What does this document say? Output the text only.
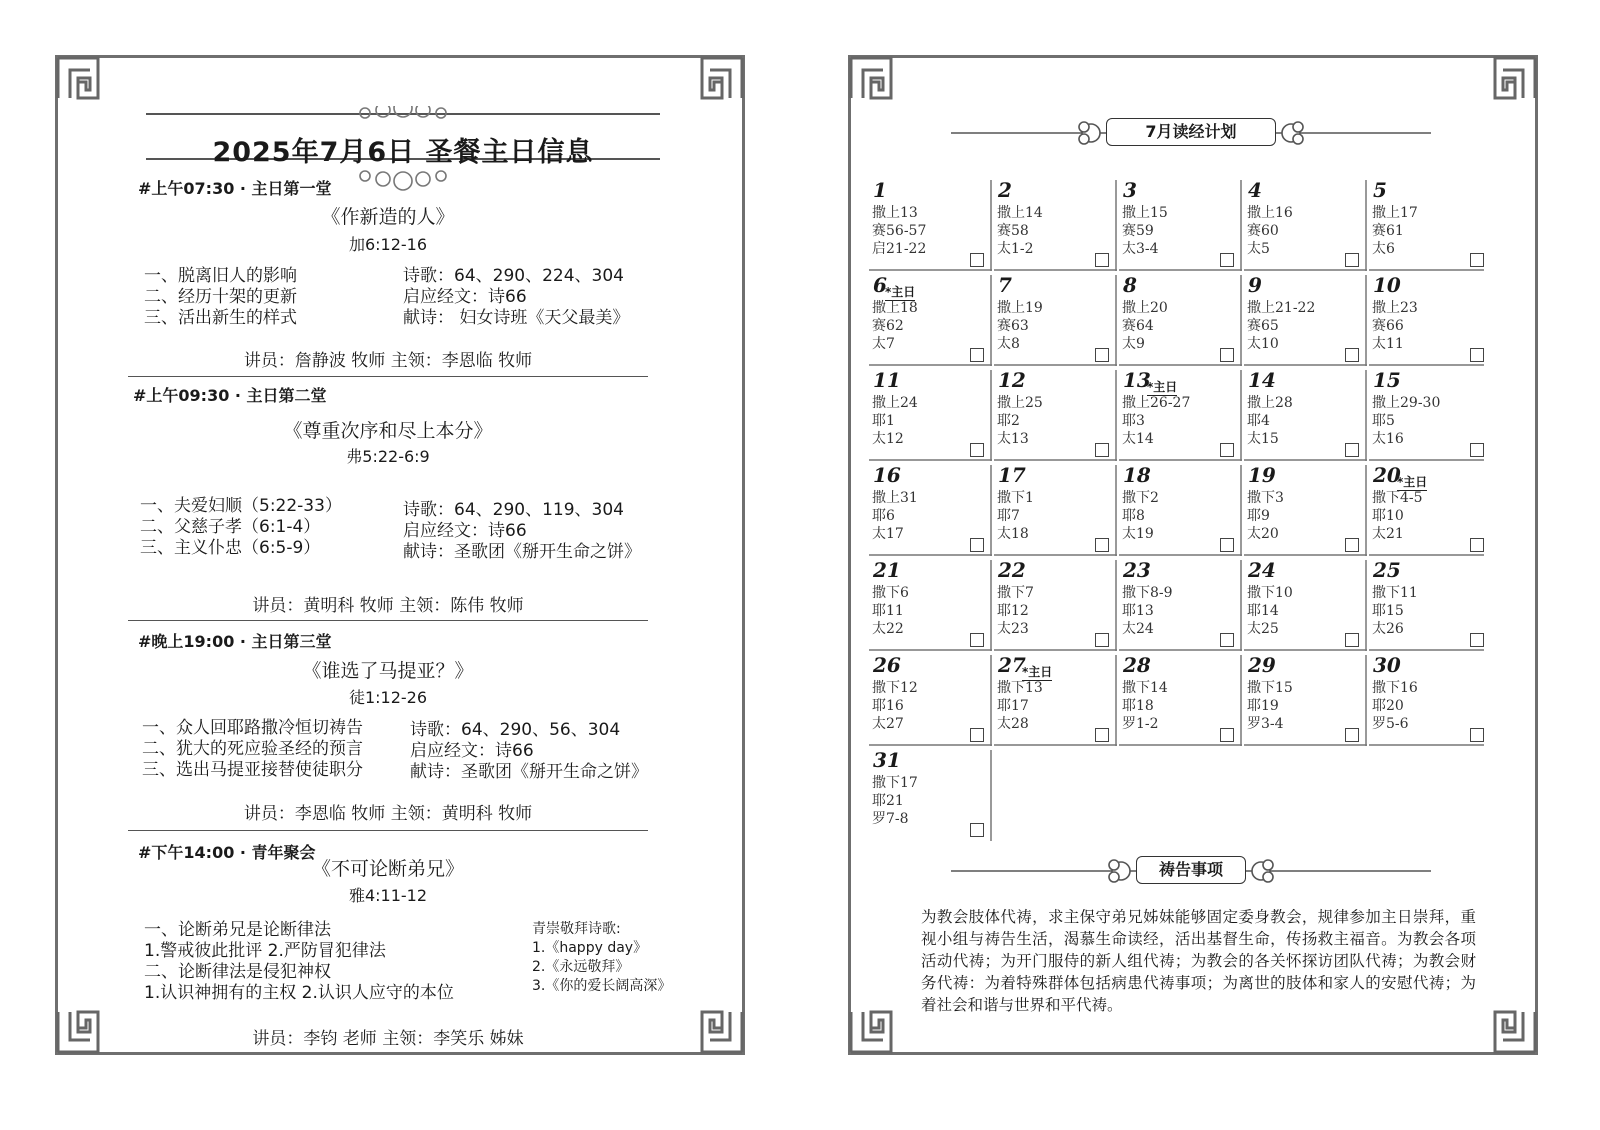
2025年7月6日 圣餐主日信息
#上午07:30 · 主日第一堂
《作新造的人》
加6:12-16
一、脱离旧人的影响
二、经历十架的更新
三、活出新生的样式
诗歌：64、290、224、304
启应经文：诗66
献诗： 妇女诗班《天父最美》
讲员：詹静波 牧师 主领：李恩临 牧师
#上午09:30 · 主日第二堂
《尊重次序和尽上本分》
弗5:22-6:9
一、夫爱妇顺（5:22-33）
二、父慈子孝（6:1-4）
三、主义仆忠（6:5-9）
诗歌：64、290、119、304
启应经文：诗66
献诗：圣歌团《掰开生命之饼》
讲员：黄明科 牧师 主领：陈伟 牧师
#晚上19:00 · 主日第三堂
《谁选了马提亚？》
徒1:12-26
一、众人回耶路撒冷恒切祷告
二、犹大的死应验圣经的预言
三、选出马提亚接替使徒职分
诗歌：64、290、56、304
启应经文：诗66
献诗：圣歌团《掰开生命之饼》
讲员：李恩临 牧师 主领：黄明科 牧师
#下午14:00 · 青年聚会
《不可论断弟兄》
雅4:11-12
一、论断弟兄是论断律法
1.警戒彼此批评 2.严防冒犯律法
二、论断律法是侵犯神权
1.认识神拥有的主权 2.认识人应守的本位
青崇敬拜诗歌:
1.《happy day》
2.《永远敬拜》
3.《你的爱长阔高深》
讲员：李钧 老师 主领：李笑乐 姊妹
7月读经计划
1
撒上13
赛56-57
启21-22
2
撒上14
赛58
太1-2
3
撒上15
赛59
太3-4
4
撒上16
赛60
太5
5
撒上17
赛61
太6
6
*主日
撒上18
赛62
太7
7
撒上19
赛63
太8
8
撒上20
赛64
太9
9
撒上21-22
赛65
太10
10
撒上23
赛66
太11
11
撒上24
耶1
太12
12
撒上25
耶2
太13
13
*主日
撒上26-27
耶3
太14
14
撒上28
耶4
太15
15
撒上29-30
耶5
太16
16
撒上31
耶6
太17
17
撒下1
耶7
太18
18
撒下2
耶8
太19
19
撒下3
耶9
太20
20
*主日
撒下4-5
耶10
太21
21
撒下6
耶11
太22
22
撒下7
耶12
太23
23
撒下8-9
耶13
太24
24
撒下10
耶14
太25
25
撒下11
耶15
太26
26
撒下12
耶16
太27
27
*主日
撒下13
耶17
太28
28
撒下14
耶18
罗1-2
29
撒下15
耶19
罗3-4
30
撒下16
耶20
罗5-6
31
撒下17
耶21
罗7-8
祷告事项
为教会肢体代祷，求主保守弟兄姊妹能够固定委身教会，规律参加主日崇拜，重视小组与祷告生活，渴慕生命读经，活出基督生命，传扬救主福音。为教会各项活动代祷；为开门服侍的新人组代祷；为教会的各关怀探访团队代祷；为教会财务代祷：为着特殊群体包括病患代祷事项；为离世的肢体和家人的安慰代祷；为着社会和谐与世界和平代祷。
